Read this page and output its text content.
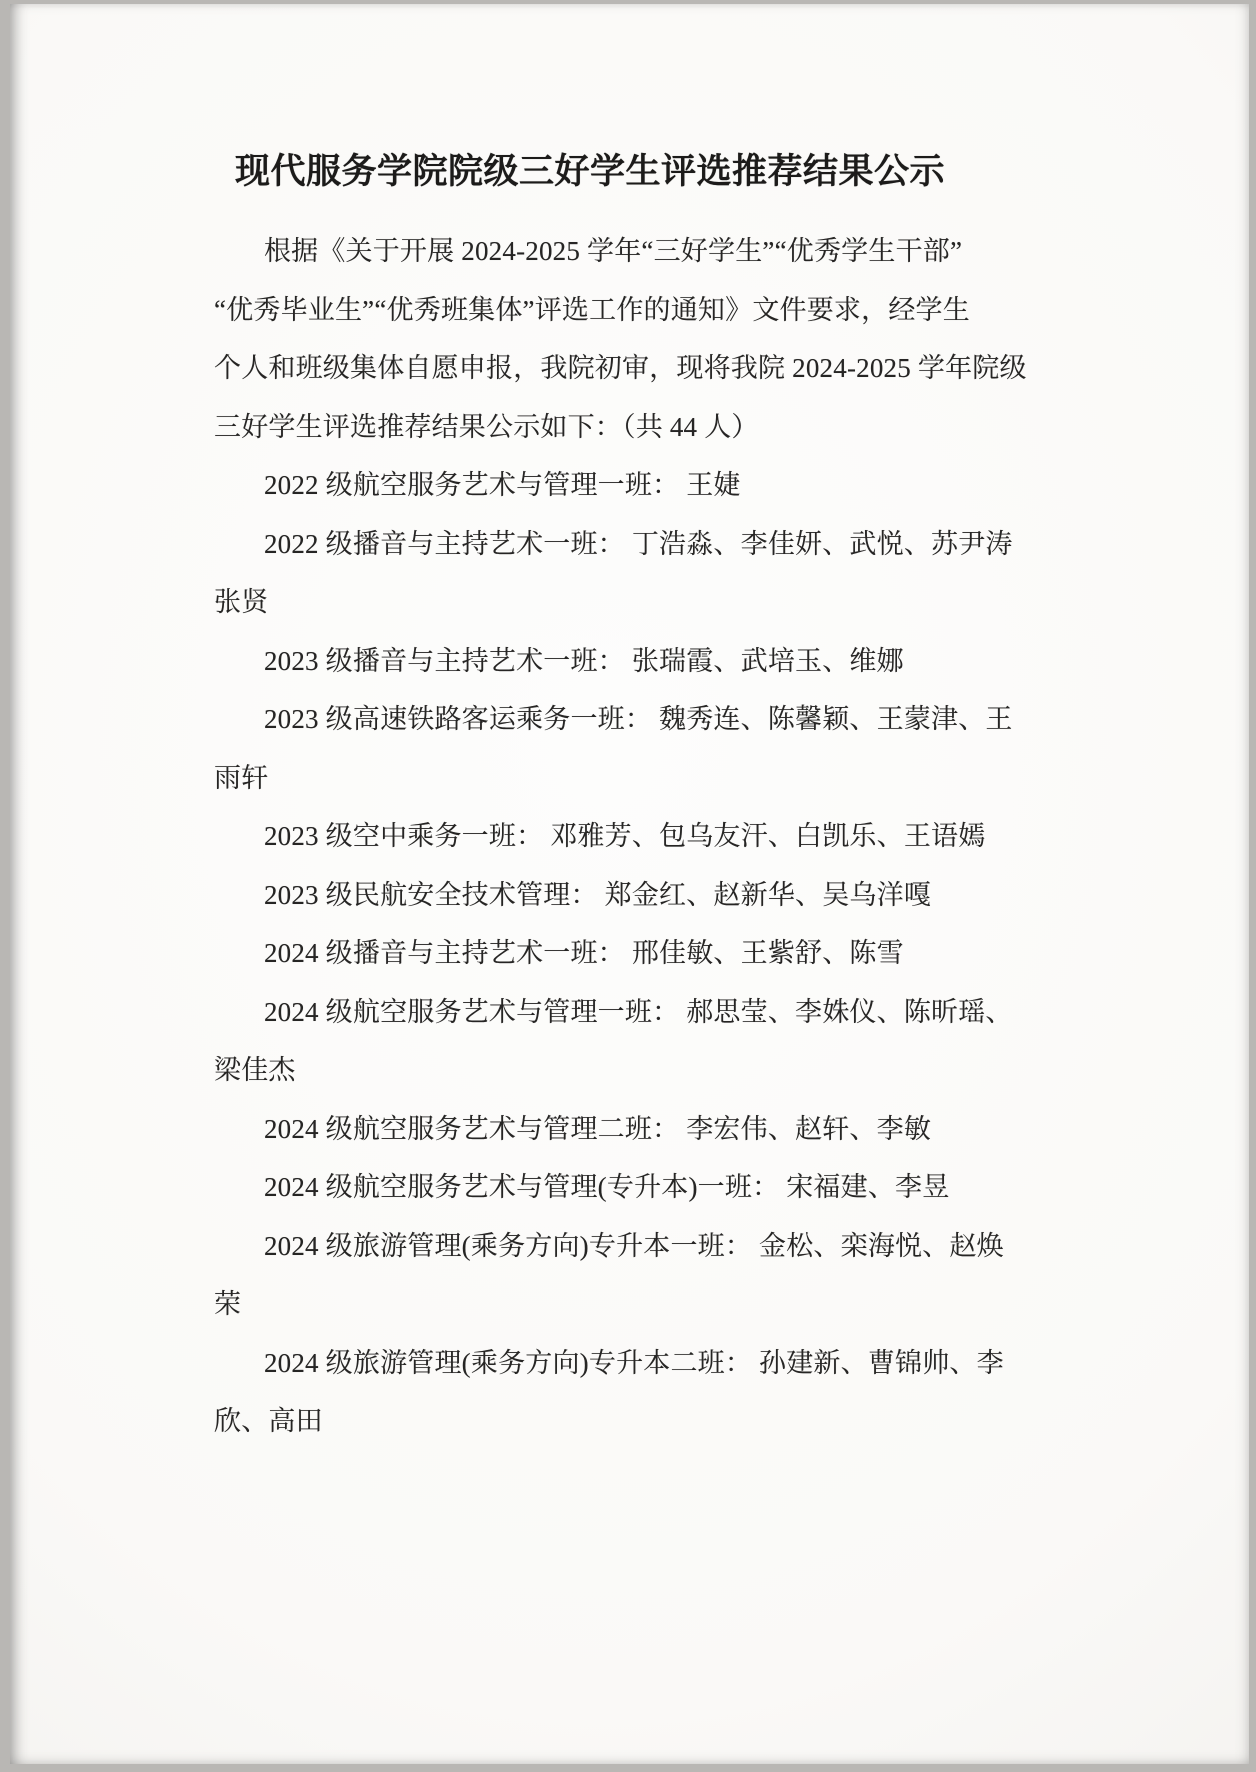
现代服务学院院级三好学生评选推荐结果公示
根据《关于开展 2024-2025 学年“三好学生”“优秀学生干部”
“优秀毕业生”“优秀班集体”评选工作的通知》文件要求，经学生
个人和班级集体自愿申报，我院初审，现将我院 2024-2025 学年院级
三好学生评选推荐结果公示如下：（共 44 人）
2022 级航空服务艺术与管理一班： 王婕
2022 级播音与主持艺术一班： 丁浩淼、李佳妍、武悦、苏尹涛
张贤
2023 级播音与主持艺术一班： 张瑞霞、武培玉、维娜
2023 级高速铁路客运乘务一班： 魏秀连、陈馨颖、王蒙津、王
雨轩
2023 级空中乘务一班： 邓雅芳、包乌友汗、白凯乐、王语嫣
2023 级民航安全技术管理： 郑金红、赵新华、吴乌洋嘎
2024 级播音与主持艺术一班： 邢佳敏、王紫舒、陈雪
2024 级航空服务艺术与管理一班： 郝思莹、李姝仪、陈昕瑶、
梁佳杰
2024 级航空服务艺术与管理二班： 李宏伟、赵轩、李敏
2024 级航空服务艺术与管理(专升本)一班： 宋福建、李昱
2024 级旅游管理(乘务方向)专升本一班： 金松、栾海悦、赵焕
荣
2024 级旅游管理(乘务方向)专升本二班： 孙建新、曹锦帅、李
欣、高田
